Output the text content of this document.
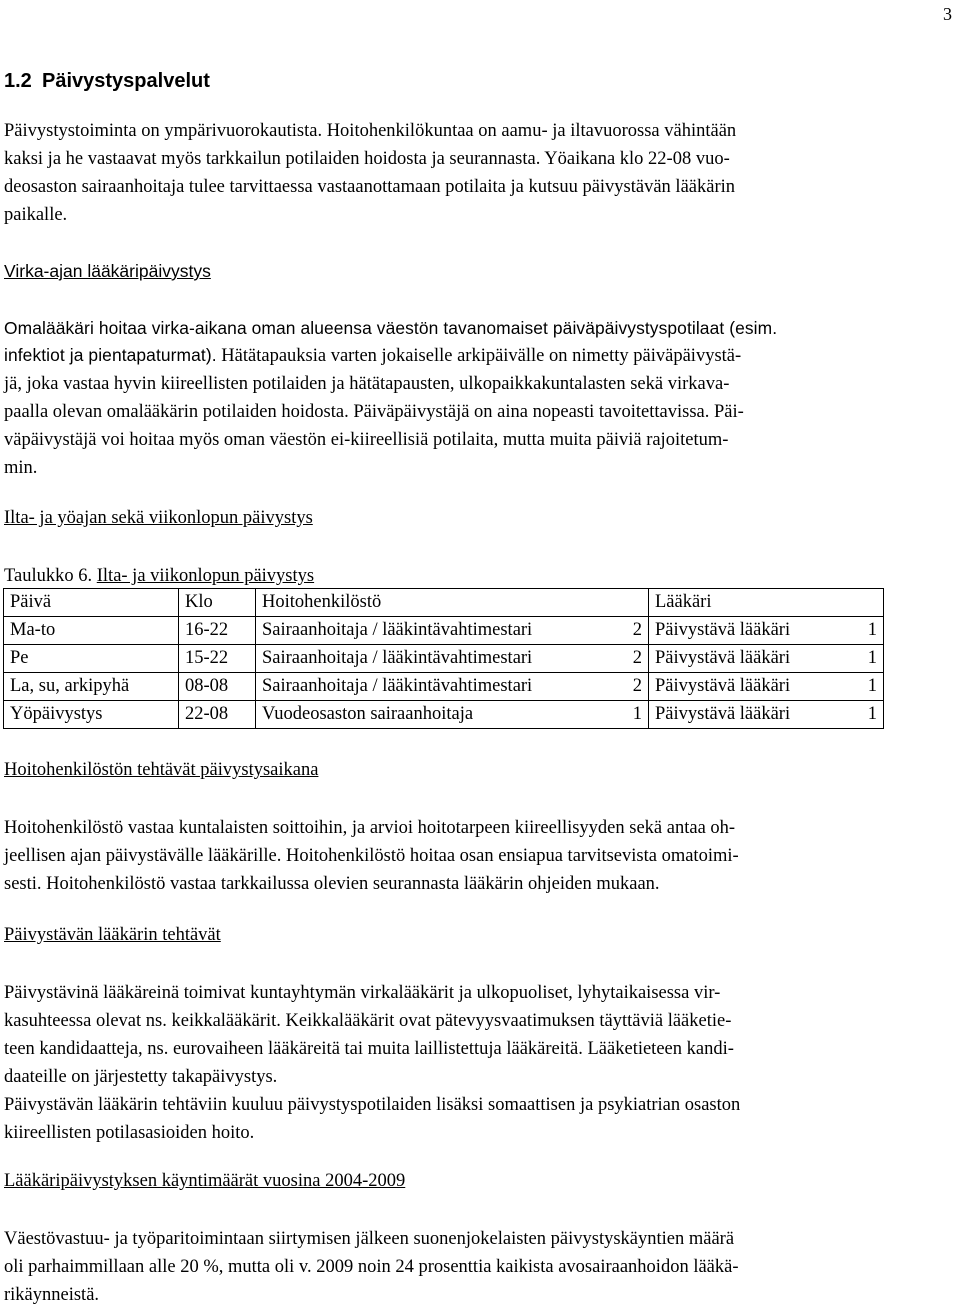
3
1.2 Päivystyspalvelut
Päivystystoiminta on ympärivuorokautista. Hoitohenkilökuntaa on aamu- ja iltavuorossa vähintään
kaksi ja he vastaavat myös tarkkailun potilaiden hoidosta ja seurannasta. Yöaikana klo 22-08 vuo-
deosaston sairaanhoitaja tulee tarvittaessa vastaanottamaan potilaita ja kutsuu päivystävän lääkärin
paikalle.
Virka-ajan lääkäripäivystys
Omalääkäri hoitaa virka-aikana oman alueensa väestön tavanomaiset päiväpäivystyspotilaat (esim.
infektiot ja pientapaturmat). Hätätapauksia varten jokaiselle arkipäivälle on nimetty päiväpäivystä-
jä, joka vastaa hyvin kiireellisten potilaiden ja hätätapausten, ulkopaikkakuntalasten sekä virkava-
paalla olevan omalääkärin potilaiden hoidosta. Päiväpäivystäjä on aina nopeasti tavoitettavissa. Päi-
väpäivystäjä voi hoitaa myös oman väestön ei-kiireellisiä potilaita, mutta muita päiviä rajoitetum-
min.
Ilta- ja yöajan sekä viikonlopun päivystys
Taulukko 6. Ilta- ja viikonlopun päivystys
Päivä	Klo	Hoitohenkilöstö	Lääkäri
Ma-to	16-22	Sairaanhoitaja / lääkintävahtimestari 2	Päivystävä lääkäri 1

Pe	15-22	Sairaanhoitaja / lääkintävahtimestari 2	Päivystävä lääkäri 1

La, su, arkipyhä	08-08	Sairaanhoitaja / lääkintävahtimestari 2	Päivystävä lääkäri 1

Yöpäivystys	22-08	Vuodeosaston sairaanhoitaja 1	Päivystävä lääkäri 1
Hoitohenkilöstön tehtävät päivystysaikana
Hoitohenkilöstö vastaa kuntalaisten soittoihin, ja arvioi hoitotarpeen kiireellisyyden sekä antaa oh-
jeellisen ajan päivystävälle lääkärille. Hoitohenkilöstö hoitaa osan ensiapua tarvitsevista omatoimi-
sesti. Hoitohenkilöstö vastaa tarkkailussa olevien seurannasta lääkärin ohjeiden mukaan.
Päivystävän lääkärin tehtävät
Päivystävinä lääkäreinä toimivat kuntayhtymän virkalääkärit ja ulkopuoliset, lyhytaikaisessa vir-
kasuhteessa olevat ns. keikkalääkärit. Keikkalääkärit ovat pätevyysvaatimuksen täyttäviä lääketie-
teen kandidaatteja, ns. eurovaiheen lääkäreitä tai muita laillistettuja lääkäreitä. Lääketieteen kandi-
daateille on järjestetty takapäivystys.
Päivystävän lääkärin tehtäviin kuuluu päivystyspotilaiden lisäksi somaattisen ja psykiatrian osaston
kiireellisten potilasasioiden hoito.
Lääkäripäivystyksen käyntimäärät vuosina 2004-2009
Väestövastuu- ja työparitoimintaan siirtymisen jälkeen suonenjokelaisten päivystyskäyntien määrä
oli parhaimmillaan alle 20 %, mutta oli v. 2009 noin 24 prosenttia kaikista avosairaanhoidon lääkä-
rikäynneistä.
